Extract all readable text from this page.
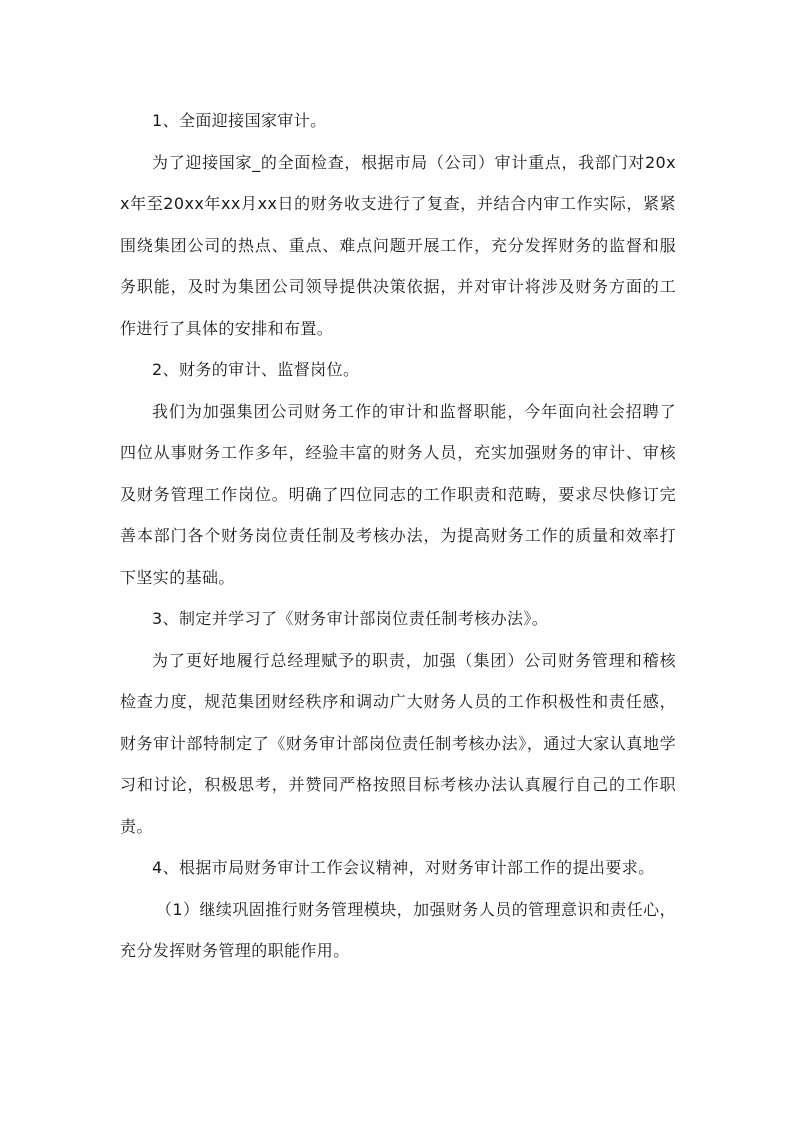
1、全面迎接国家审计。

为了迎接国家_的全面检查，根据市局（公司）审计重点，我部门对20xx年至20xx年xx月xx日的财务收支进行了复查，并结合内审工作实际，紧紧围绕集团公司的热点、重点、难点问题开展工作，充分发挥财务的监督和服务职能，及时为集团公司领导提供决策依据，并对审计将涉及财务方面的工作进行了具体的安排和布置。

2、财务的审计、监督岗位。

我们为加强集团公司财务工作的审计和监督职能，今年面向社会招聘了四位从事财务工作多年，经验丰富的财务人员，充实加强财务的审计、审核及财务管理工作岗位。明确了四位同志的工作职责和范畴，要求尽快修订完善本部门各个财务岗位责任制及考核办法，为提高财务工作的质量和效率打下坚实的基础。

3、制定并学习了《财务审计部岗位责任制考核办法》。

为了更好地履行总经理赋予的职责，加强（集团）公司财务管理和稽核检查力度，规范集团财经秩序和调动广大财务人员的工作积极性和责任感，财务审计部特制定了《财务审计部岗位责任制考核办法》，通过大家认真地学习和讨论，积极思考，并赞同严格按照目标考核办法认真履行自己的工作职责。

4、根据市局财务审计工作会议精神，对财务审计部工作的提出要求。

（1）继续巩固推行财务管理模块，加强财务人员的管理意识和责任心，充分发挥财务管理的职能作用。
